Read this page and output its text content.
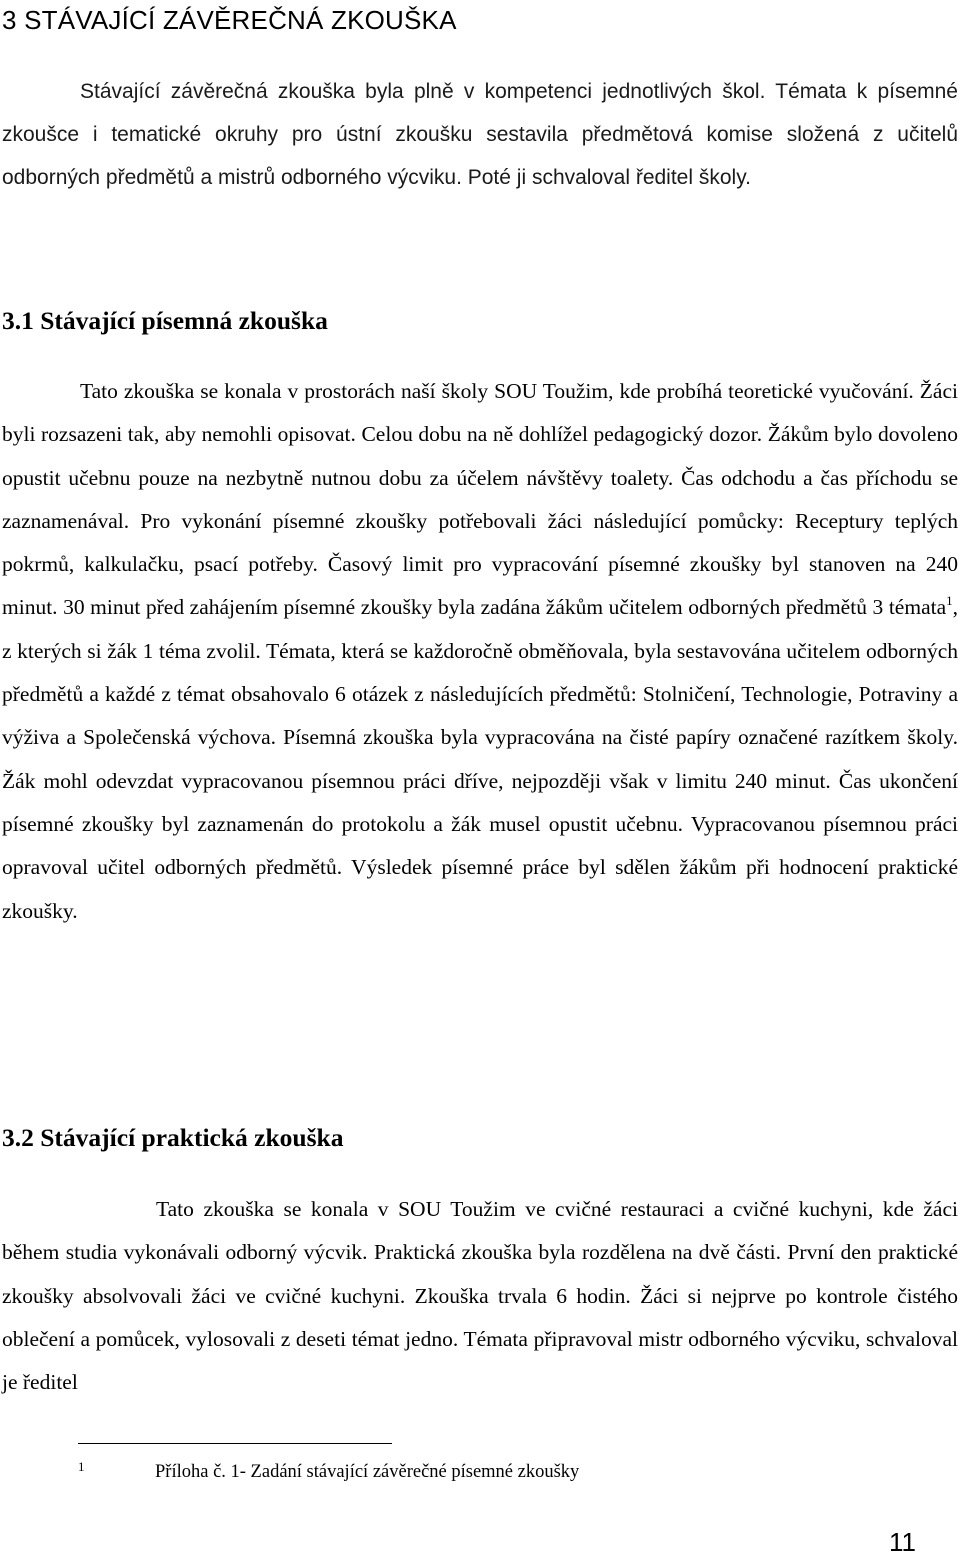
3 STÁVAJÍCÍ ZÁVĚREČNÁ ZKOUŠKA

Stávající závěrečná zkouška byla plně v kompetenci jednotlivých škol. Témata k písemné zkoušce i tematické okruhy pro ústní zkoušku sestavila předmětová komise složená z učitelů odborných předmětů a mistrů odborného výcviku. Poté ji schvaloval ředitel školy.

3.1 Stávající písemná zkouška

Tato zkouška se konala v prostorách naší školy SOU Toužim, kde probíhá teoretické vyučování. Žáci byli rozsazeni tak, aby nemohli opisovat. Celou dobu na ně dohlížel pedagogický dozor. Žákům bylo dovoleno opustit učebnu pouze na nezbytně nutnou dobu za účelem návštěvy toalety. Čas odchodu a čas příchodu se zaznamenával. Pro vykonání písemné zkoušky potřebovali žáci následující pomůcky: Receptury teplých pokrmů, kalkulačku, psací potřeby. Časový limit pro vypracování písemné zkoušky byl stanoven na 240 minut. 30 minut před zahájením písemné zkoušky byla zadána žákům učitelem odborných předmětů 3 témata$^1$, z kterých si žák 1 téma zvolil. Témata, která se každoročně obměňovala, byla sestavována učitelem odborných předmětů a každé z témat obsahovalo 6 otázek z následujících předmětů: Stolničení, Technologie, Potraviny a výživa a Společenská výchova. Písemná zkouška byla vypracována na čisté papíry označené razítkem školy. Žák mohl odevzdat vypracovanou písemnou práci dříve, nejpozději však v limitu 240 minut. Čas ukončení písemné zkoušky byl zaznamenán do protokolu a žák musel opustit učebnu. Vypracovanou písemnou práci opravoval učitel odborných předmětů. Výsledek písemné práce byl sdělen žákům při hodnocení praktické zkoušky.

3.2 Stávající praktická zkouška

Tato zkouška se konala v SOU Toužim ve cvičné restauraci a cvičné kuchyni, kde žáci během studia vykonávali odborný výcvik. Praktická zkouška byla rozdělena na dvě části. První den praktické zkoušky absolvovali žáci ve cvičné kuchyni. Zkouška trvala 6 hodin. Žáci si nejprve po kontrole čistého oblečení a pomůcek, vylosovali z deseti témat jedno. Témata připravoval mistr odborného výcviku, schvaloval je ředitel

1	Příloha č. 1- Zadání stávající závěrečné písemné zkoušky
11
